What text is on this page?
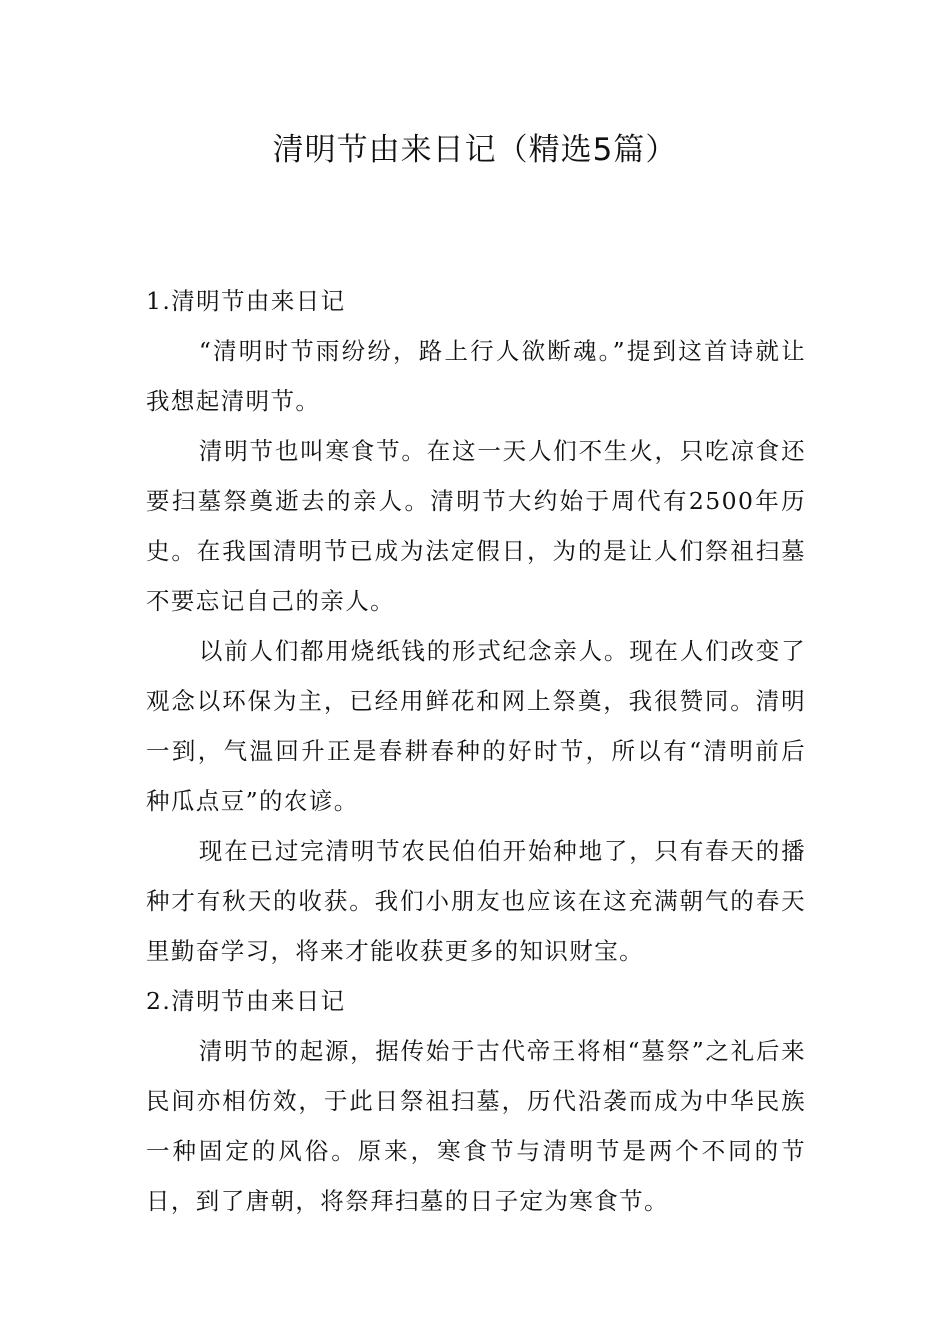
清明节由来日记（精选5篇）
1.清明节由来日记

“清明时节雨纷纷，路上行人欲断魂。”提到这首诗就让我想起清明节。

清明节也叫寒食节。在这一天人们不生火，只吃凉食还要扫墓祭奠逝去的亲人。清明节大约始于周代有2500年历史。在我国清明节已成为法定假日，为的是让人们祭祖扫墓不要忘记自己的亲人。

以前人们都用烧纸钱的形式纪念亲人。现在人们改变了观念以环保为主，已经用鲜花和网上祭奠，我很赞同。清明一到，气温回升正是春耕春种的好时节，所以有“清明前后种瓜点豆”的农谚。

现在已过完清明节农民伯伯开始种地了，只有春天的播种才有秋天的收获。我们小朋友也应该在这充满朝气的春天里勤奋学习，将来才能收获更多的知识财宝。

2.清明节由来日记

清明节的起源，据传始于古代帝王将相“墓祭”之礼后来民间亦相仿效，于此日祭祖扫墓，历代沿袭而成为中华民族一种固定的风俗。原来，寒食节与清明节是两个不同的节日，到了唐朝，将祭拜扫墓的日子定为寒食节。
